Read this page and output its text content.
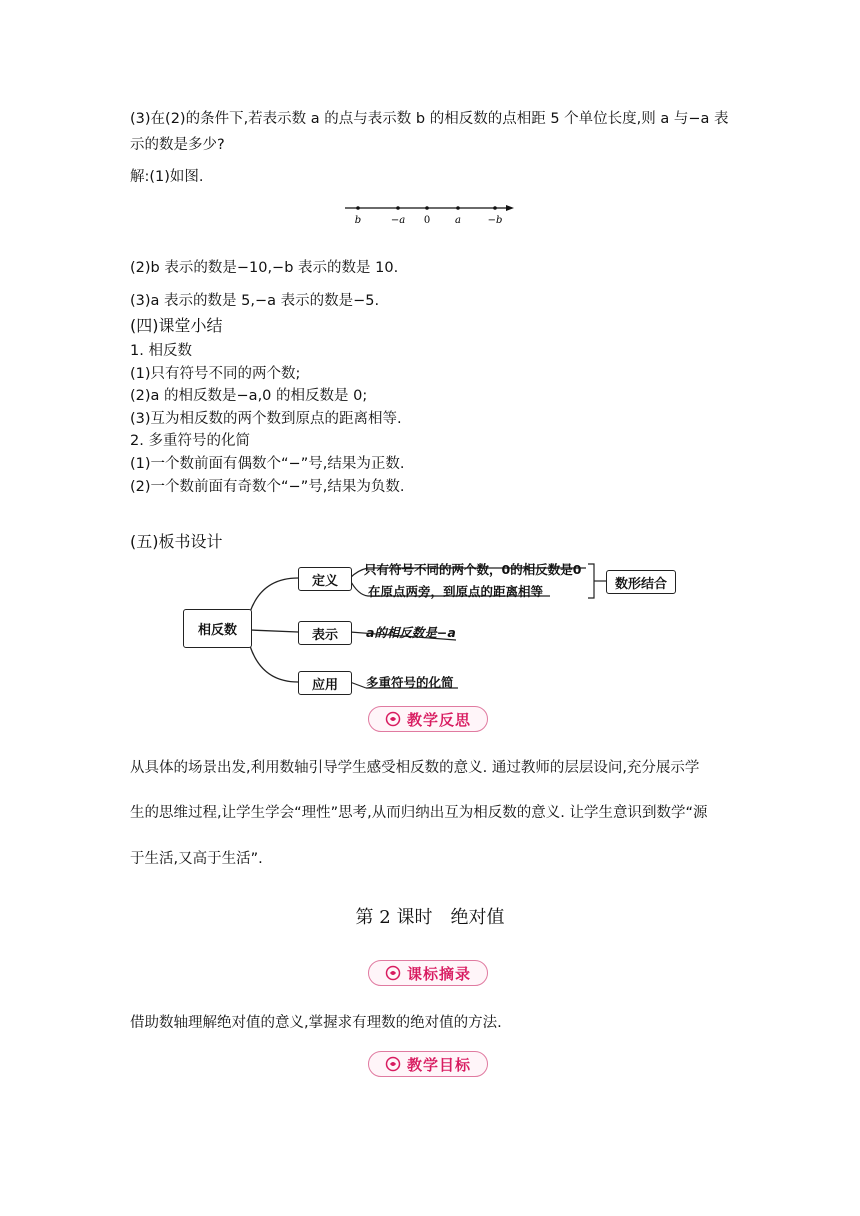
(3)在(2)的条件下,若表示数 a 的点与表示数 b 的相反数的点相距 5 个单位长度,则 a 与−a 表
示的数是多少?
解:(1)如图.
b	−a 0 a	−b
(2)b 表示的数是−10,−b 表示的数是 10.
(3)a 表示的数是 5,−a 表示的数是−5.
(四)课堂小结
1. 相反数
(1)只有符号不同的两个数;
(2)a 的相反数是−a,0 的相反数是 0;
(3)互为相反数的两个数到原点的距离相等.
2. 多重符号的化简
(1)一个数前面有偶数个“−”号,结果为正数.
(2)一个数前面有奇数个“−”号,结果为负数.
(五)板书设计
相反数
定义
表示
应用
数形结合
只有符号不同的两个数，0的相反数是0
在原点两旁，到原点的距离相等
a的相反数是−a
多重符号的化简
教学反思
从具体的场景出发,利用数轴引导学生感受相反数的意义. 通过教师的层层设问,充分展示学
生的思维过程,让学生学会“理性”思考,从而归纳出互为相反数的意义. 让学生意识到数学“源
于生活,又高于生活”.
第 2 课时　绝对值
课标摘录
借助数轴理解绝对值的意义,掌握求有理数的绝对值的方法.
教学目标
